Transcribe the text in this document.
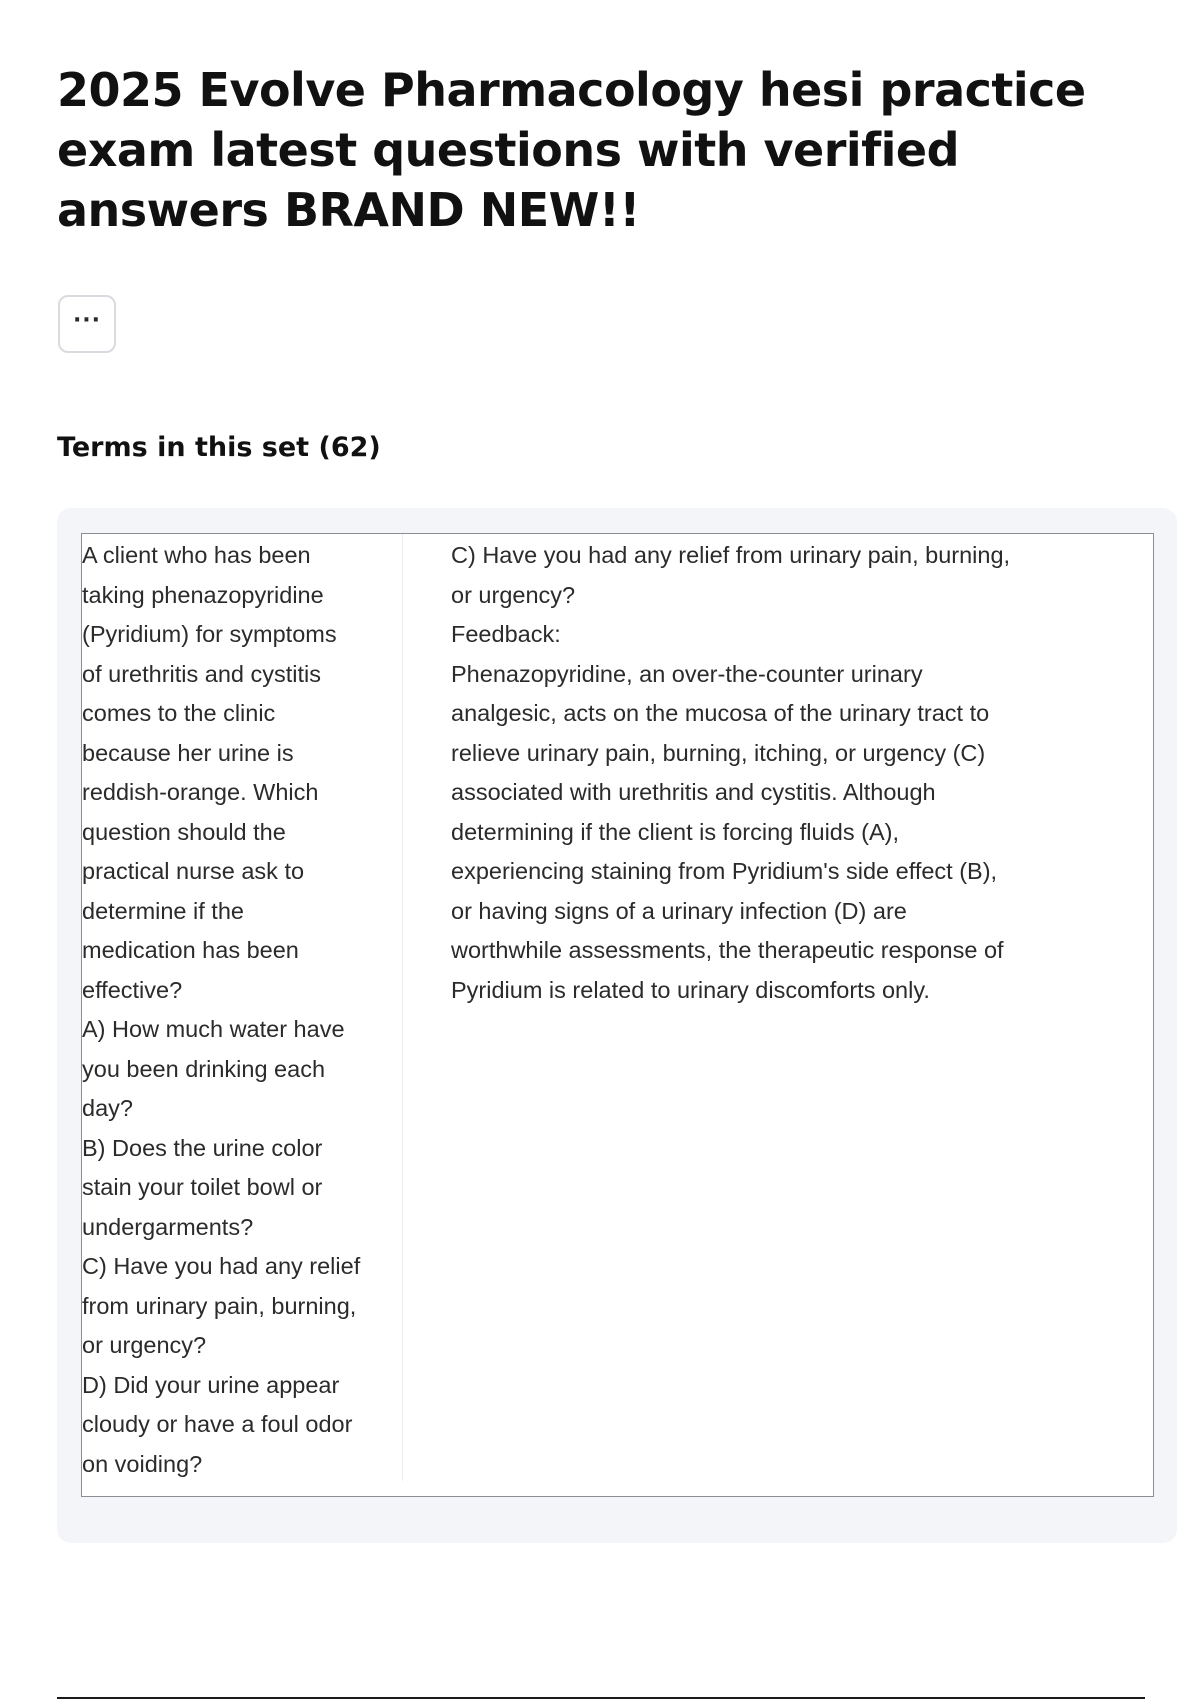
2025 Evolve Pharmacology hesi practice exam latest questions with verified answers BRAND NEW!!
···
Terms in this set (62)
A client who has been
taking phenazopyridine
(Pyridium) for symptoms
of urethritis and cystitis
comes to the clinic
because her urine is
reddish-orange. Which
question should the
practical nurse ask to
determine if the
medication has been
effective?
A) How much water have
you been drinking each
day?
B) Does the urine color
stain your toilet bowl or
undergarments?
C) Have you had any relief
from urinary pain, burning,
or urgency?
D) Did your urine appear
cloudy or have a foul odor
on voiding?
C) Have you had any relief from urinary pain, burning,
or urgency?
Feedback:
Phenazopyridine, an over-the-counter urinary
analgesic, acts on the mucosa of the urinary tract to
relieve urinary pain, burning, itching, or urgency (C)
associated with urethritis and cystitis. Although
determining if the client is forcing fluids (A),
experiencing staining from Pyridium's side effect (B),
or having signs of a urinary infection (D) are
worthwhile assessments, the therapeutic response of
Pyridium is related to urinary discomforts only.
